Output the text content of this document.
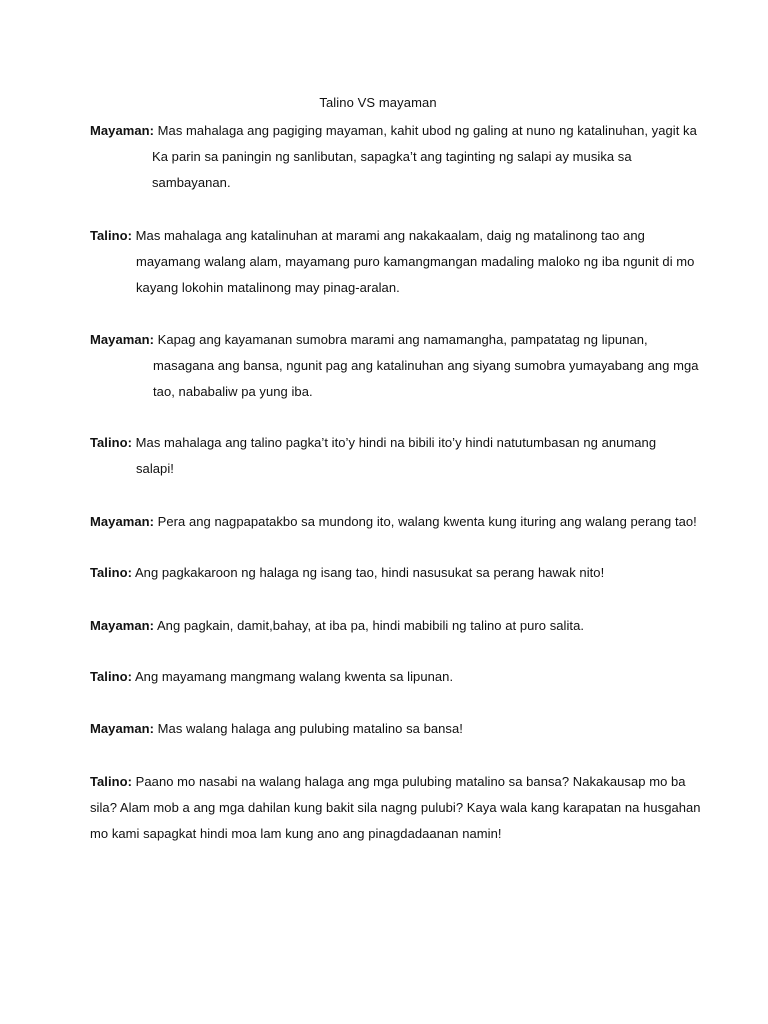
Talino VS mayaman
Mayaman: Mas mahalaga ang pagiging mayaman, kahit ubod ng galing at nuno ng katalinuhan, yagit ka
Ka parin sa paningin ng sanlibutan, sapagka’t ang taginting ng salapi ay musika sa
sambayanan.
Talino: Mas mahalaga ang katalinuhan at marami ang nakakaalam, daig ng matalinong tao ang
mayamang walang alam, mayamang puro kamangmangan madaling maloko ng iba ngunit di mo
kayang lokohin matalinong may pinag-aralan.
Mayaman: Kapag ang kayamanan sumobra marami ang namamangha, pampatatag ng lipunan,
masagana ang bansa, ngunit pag ang katalinuhan ang siyang sumobra yumayabang ang mga
tao, nababaliw pa yung iba.
Talino: Mas mahalaga ang talino pagka’t ito’y hindi na bibili ito’y hindi natutumbasan ng anumang
salapi!
Mayaman: Pera ang nagpapatakbo sa mundong ito, walang kwenta kung ituring ang walang perang tao!
Talino: Ang pagkakaroon ng halaga ng isang tao, hindi nasusukat sa perang hawak nito!
Mayaman: Ang pagkain, damit,bahay, at iba pa, hindi mabibili ng talino at puro salita.
Talino: Ang mayamang mangmang walang kwenta sa lipunan.
Mayaman: Mas walang halaga ang pulubing matalino sa bansa!
Talino: Paano mo nasabi na walang halaga ang mga pulubing matalino sa bansa? Nakakausap mo ba
sila? Alam mob a ang mga dahilan kung bakit sila nagng pulubi? Kaya wala kang karapatan na husgahan
mo kami sapagkat hindi moa lam kung ano ang pinagdadaanan namin!
